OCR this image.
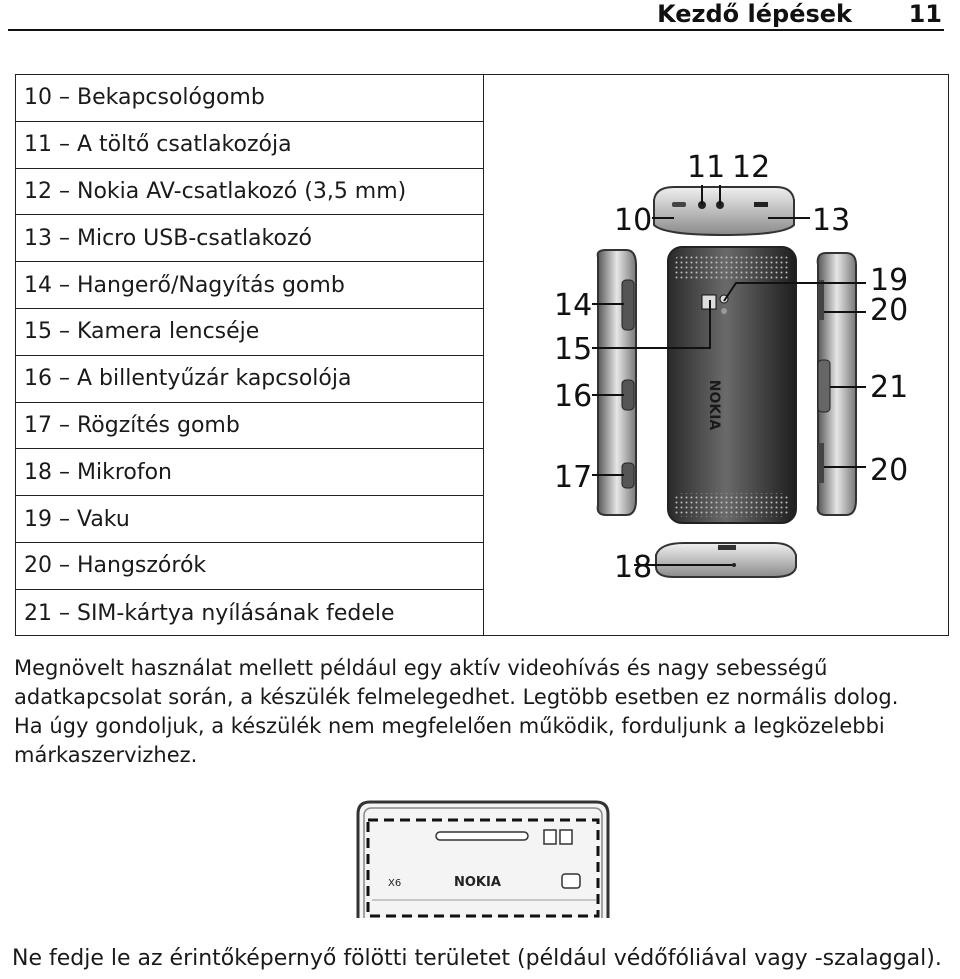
Kezdő lépések 11
10 – Bekapcsológomb
11 – A töltő csatlakozója
12 – Nokia AV-csatlakozó (3,5 mm)
13 – Micro USB-csatlakozó
14 – Hangerő/Nagyítás gomb
15 – Kamera lencséje
16 – A billentyűzár kapcsolója
17 – Rögzítés gomb
18 – Mikrofon
19 – Vaku
20 – Hangszórók
21 – SIM-kártya nyílásának fedele
NOKIA
10
11 12
13
14
15
16
17
18
19
20
21
20
Megnövelt használat mellett például egy aktív videohívás és nagy sebességű
adatkapcsolat során, a készülék felmelegedhet. Legtöbb esetben ez normális dolog.
Ha úgy gondoljuk, a készülék nem megfelelően működik, forduljunk a legközelebbi
márkaszervizhez.
X6	NOKIA
Ne fedje le az érintőképernyő fölötti területet (például védőfóliával vagy -szalaggal).
